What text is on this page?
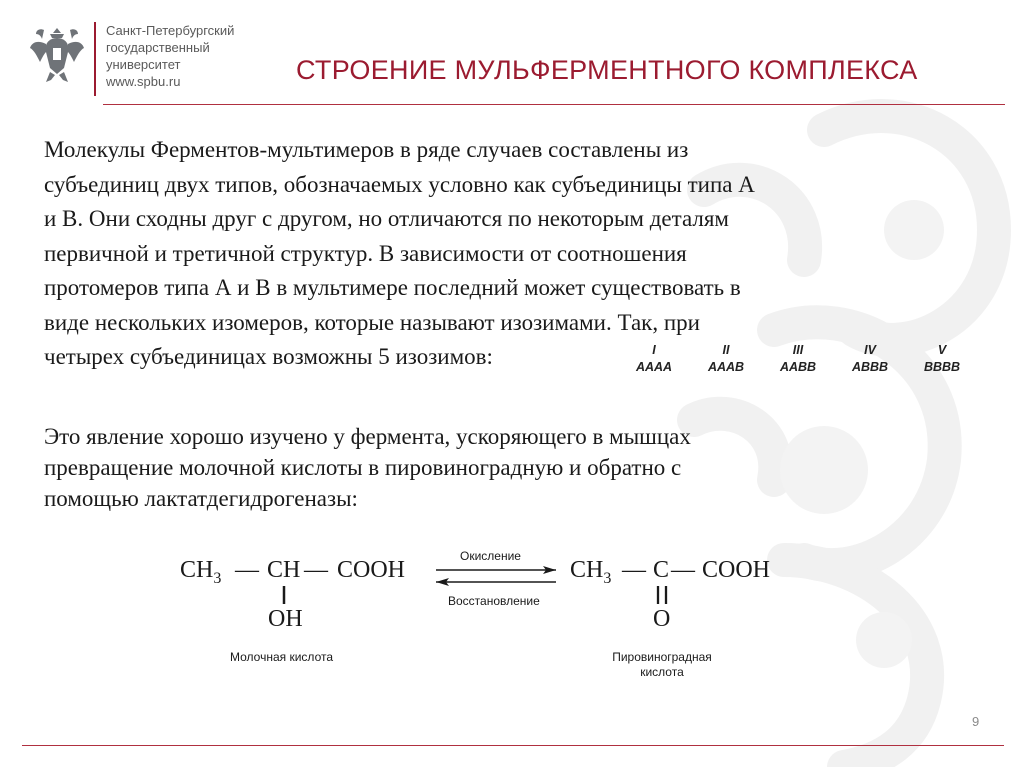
Санкт-Петербургский
государственный
университет
www.spbu.ru	СТРОЕНИЕ МУЛЬФЕРМЕНТНОГО КОМПЛЕКСА
Молекулы Ферментов-мультимеров в ряде случаев составлены из
субъединиц двух типов, обозначаемых условно как субъединицы типа А
и В. Они сходны друг с другом, но отличаются по некоторым деталям
первичной и третичной структур. В зависимости от соотношения
протомеров типа А и В в мультимере последний может существовать в
виде нескольких изомеров, которые называют изозимами. Так, при
четырех субъединицах возможны 5 изозимов:	I
AAAA
II
AAAB
III
AABB
IV
ABBB
V
BBBB
Это явление хорошо изучено у фермента, ускоряющего в мышцах
превращение молочной кислоты в пировиноградную и обратно с
помощью лактатдегидрогеназы:
$CH_3$ — CH — COOH
OH
Окисление
Восстановление
$CH_3$ — C — COOH
O
Молочная кислота	Пировиноградная
кислота
9
